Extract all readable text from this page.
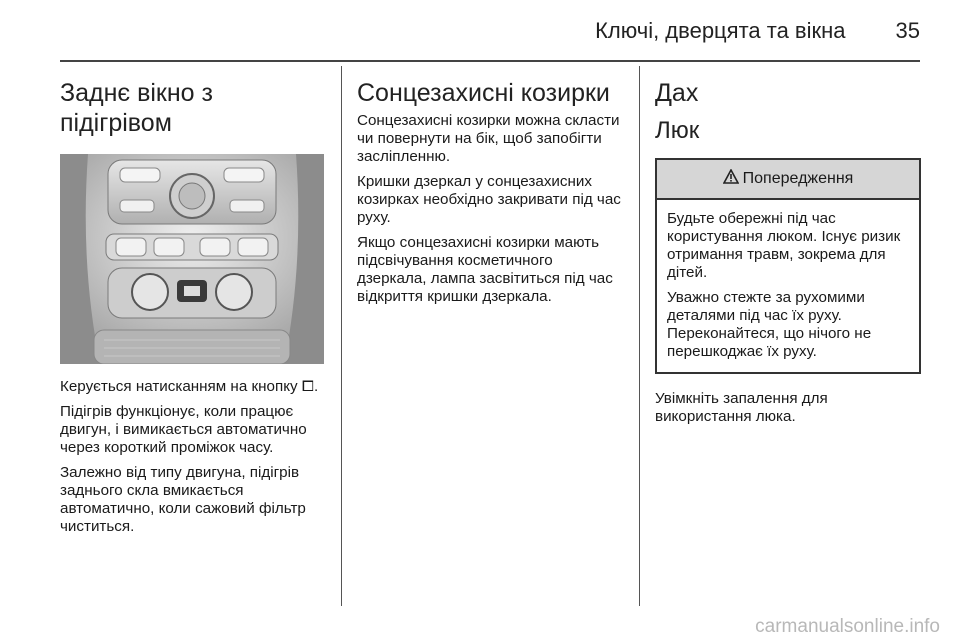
Ключі, дверцята та вікна 35
Заднє вікно з підігрівом

Керується натисканням на кнопку ⧠.

Підігрів функціонує, коли працює двигун, і вимикається автоматично через короткий проміжок часу.

Залежно від типу двигуна, підігрів заднього скла вмикається автоматично, коли сажовий фільтр чиститься.

Сонцезахисні козирки

Сонцезахисні козирки можна скласти чи повернути на бік, щоб запобігти засліпленню.

Кришки дзеркал у сонцезахисних козирках необхідно закривати під час руху.

Якщо сонцезахисні козирки мають підсвічування косметичного дзеркала, лампа засвітиться під час відкриття кришки дзеркала.

Дах
Люк
Попередження

Будьте обережні під час користування люком. Існує ризик отримання травм, зокрема для дітей.

Уважно стежте за рухомими деталями під час їх руху. Переконайтеся, що нічого не перешкоджає їх руху.

Увімкніть запалення для використання люка.

carmanualsonline.info
